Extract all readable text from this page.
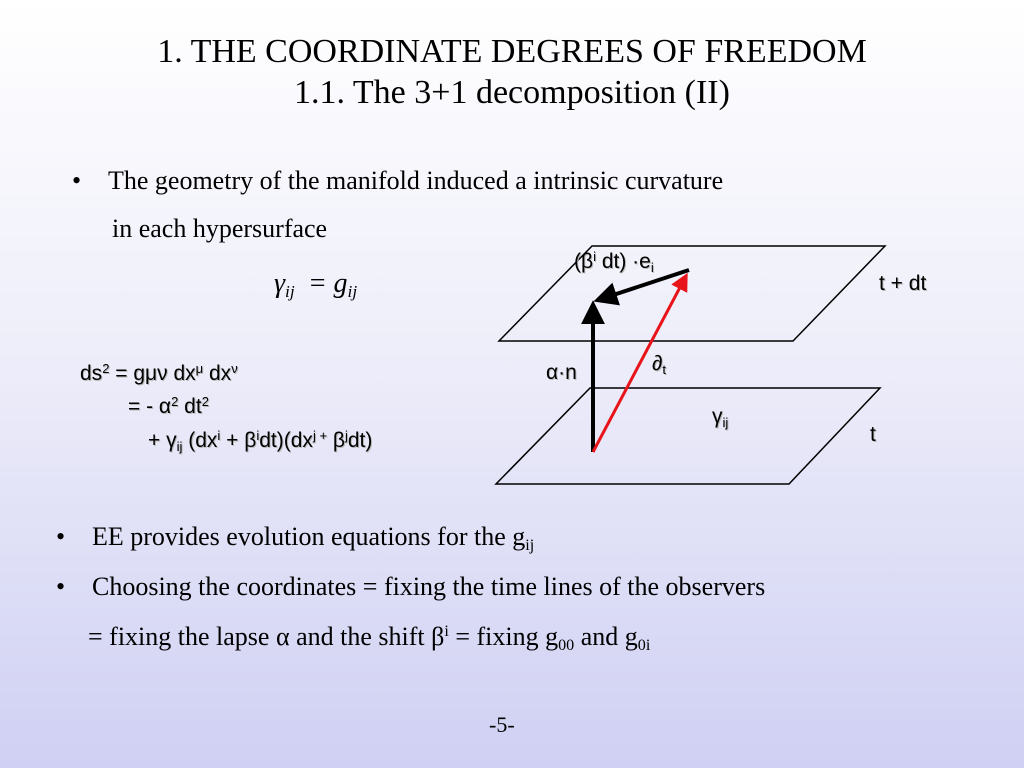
1. THE COORDINATE DEGREES OF FREEDOM
1.1. The 3+1 decomposition (II)
• The geometry of the manifold induced a intrinsic curvature
in each hypersurface
$\gamma_{ij} = g_{ij}$
$ds^2 = g\mu\nu$ $dx^\mu$ $dx^\nu$
= - $\alpha^2$ $dt^2$
+ $\gamma_{ij}$ $(dx^i + \beta^idt)(dx^{j +}$ $\beta^jdt$)
($\beta^i$ $dt) \cdot e_i$
t + dt
α·n	$\partial_t$
$\gamma_{ij}$
t
• EE provides evolution equations for the $g_{ij}$
• Choosing the coordinates = fixing the time lines of the observers
= fixing the lapse α and the shift $\beta^i$ = fixing $g_{00}$ and $g_{0i}$
-5-
